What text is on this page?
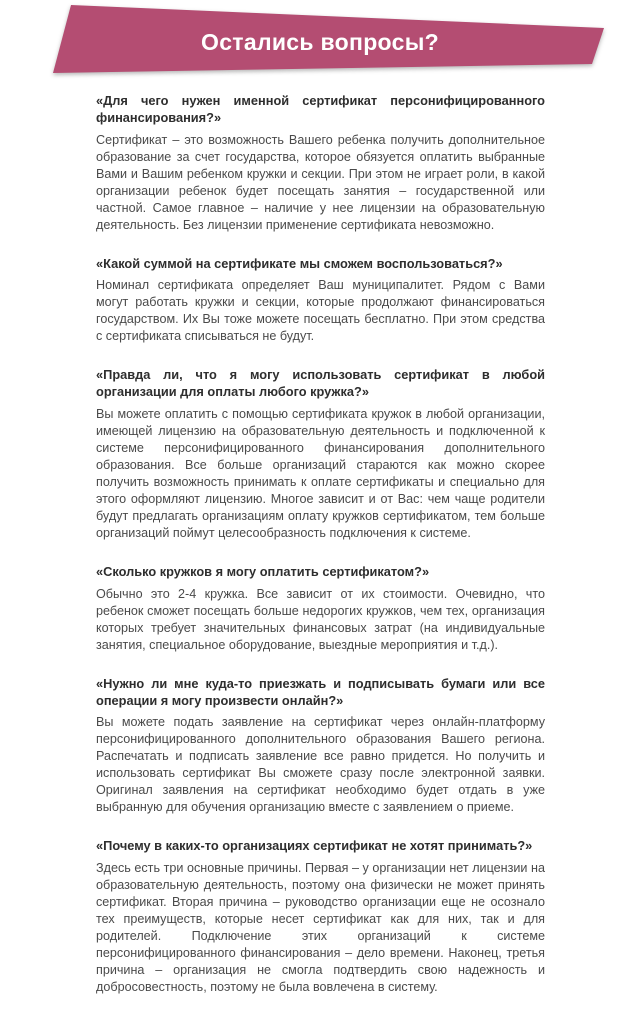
Остались вопросы?
«Для чего нужен именной сертификат персонифицированного финансирования?»

Сертификат – это возможность Вашего ребенка получить дополнительное образование за счет государства, которое обязуется оплатить выбранные Вами и Вашим ребенком кружки и секции. При этом не играет роли, в какой организации ребенок будет посещать занятия – государственной или частной. Самое главное – наличие у нее лицензии на образовательную деятельность. Без лицензии применение сертификата невозможно.

«Какой суммой на сертификате мы сможем воспользоваться?»

Номинал сертификата определяет Ваш муниципалитет. Рядом с Вами могут работать кружки и секции, которые продолжают финансироваться государством. Их Вы тоже можете посещать бесплатно. При этом средства с сертификата списываться не будут.

«Правда ли, что я могу использовать сертификат в любой организации для оплаты любого кружка?»

Вы можете оплатить с помощью сертификата кружок в любой организации, имеющей лицензию на образовательную деятельность и подключенной к системе персонифицированного финансирования дополнительного образования. Все больше организаций стараются как можно скорее получить возможность принимать к оплате сертификаты и специально для этого оформляют лицензию. Многое зависит и от Вас: чем чаще родители будут предлагать организациям оплату кружков сертификатом, тем больше организаций поймут целесообразность подключения к системе.

«Сколько кружков я могу оплатить сертификатом?»

Обычно это 2-4 кружка. Все зависит от их стоимости. Очевидно, что ребенок сможет посещать больше недорогих кружков, чем тех, организация которых требует значительных финансовых затрат (на индивидуальные занятия, специальное оборудование, выездные мероприятия и т.д.).

«Нужно ли мне куда-то приезжать и подписывать бумаги или все операции я могу произвести онлайн?»

Вы можете подать заявление на сертификат через онлайн-платформу персонифицированного дополнительного образования Вашего региона. Распечатать и подписать заявление все равно придется. Но получить и использовать сертификат Вы сможете сразу после электронной заявки. Оригинал заявления на сертификат необходимо будет отдать в уже выбранную для обучения организацию вместе с заявлением о приеме.

«Почему в каких-то организациях сертификат не хотят принимать?»

Здесь есть три основные причины. Первая – у организации нет лицензии на образовательную деятельность, поэтому она физически не может принять сертификат. Вторая причина – руководство организации еще не осознало тех преимуществ, которые несет сертификат как для них, так и для родителей. Подключение этих организаций к системе персонифицированного финансирования – дело времени. Наконец, третья причина – организация не смогла подтвердить свою надежность и добросовестность, поэтому не была вовлечена в систему.
